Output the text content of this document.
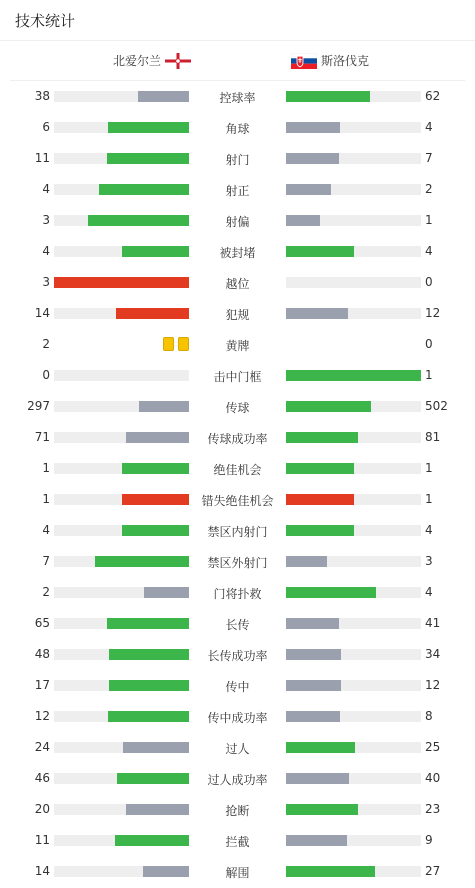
技术统计
北爱尔兰	斯洛伐克
38	控球率	62
6	角球	4
11	射门	7
4	射正	2
3	射偏	1
4	被封堵	4
3	越位	0
14	犯规	12
2	黄牌	0
0	击中门框	1
297	传球	502
71	传球成功率	81
1	绝佳机会	1
1	错失绝佳机会	1
4	禁区内射门	4
7	禁区外射门	3
2	门将扑救	4
65	长传	41
48	长传成功率	34
17	传中	12
12	传中成功率	8
24	过人	25
46	过人成功率	40
20	抢断	23
11	拦截	9
14	解围	27
